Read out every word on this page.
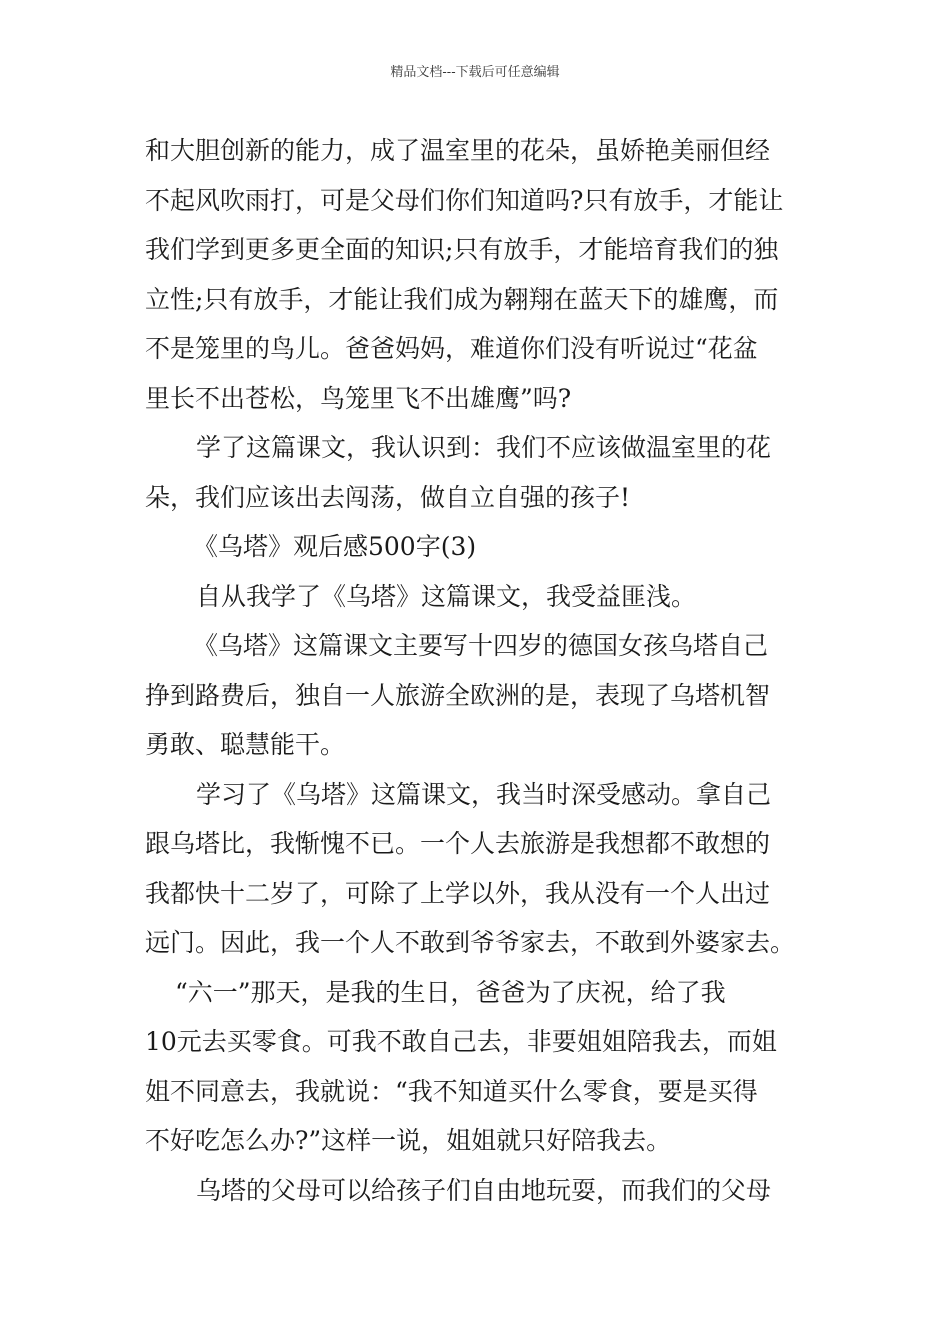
精品文档---下载后可任意编辑
和大胆创新的能力，成了温室里的花朵，虽娇艳美丽但经
不起风吹雨打，可是父母们你们知道吗?只有放手，才能让
我们学到更多更全面的知识;只有放手，才能培育我们的独
立性;只有放手，才能让我们成为翱翔在蓝天下的雄鹰，而
不是笼里的鸟儿。爸爸妈妈，难道你们没有听说过“花盆
里长不出苍松，鸟笼里飞不出雄鹰”吗?
学了这篇课文，我认识到：我们不应该做温室里的花
朵，我们应该出去闯荡，做自立自强的孩子!
《乌塔》观后感500字(3)
自从我学了《乌塔》这篇课文，我受益匪浅。
《乌塔》这篇课文主要写十四岁的德国女孩乌塔自己
挣到路费后，独自一人旅游全欧洲的是，表现了乌塔机智
勇敢、聪慧能干。
学习了《乌塔》这篇课文，我当时深受感动。拿自己
跟乌塔比，我惭愧不已。一个人去旅游是我想都不敢想的
我都快十二岁了，可除了上学以外，我从没有一个人出过
远门。因此，我一个人不敢到爷爷家去，不敢到外婆家去。
“六一”那天，是我的生日，爸爸为了庆祝，给了我
10元去买零食。可我不敢自己去，非要姐姐陪我去，而姐
姐不同意去，我就说：“我不知道买什么零食，要是买得
不好吃怎么办?”这样一说，姐姐就只好陪我去。
乌塔的父母可以给孩子们自由地玩耍，而我们的父母
